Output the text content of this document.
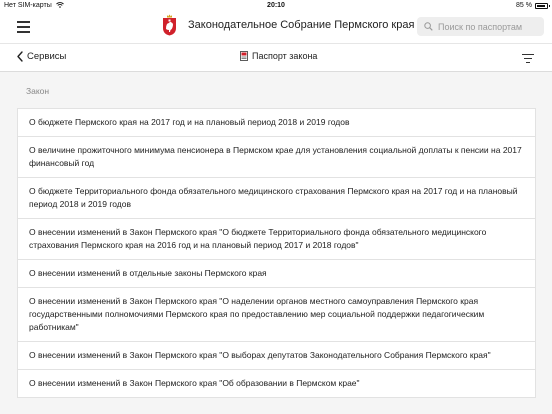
Нет SIM-карты	20:10	85 %
Законодательное Собрание Пермского края
Поиск по паспортам
Сервисы	Паспорт закона
Закон
О бюджете Пермского края на 2017 год и на плановый период 2018 и 2019 годов
О величине прожиточного минимума пенсионера в Пермском крае для установления социальной доплаты к пенсии на 2017 финансовый год
О бюджете Территориального фонда обязательного медицинского страхования Пермского края на 2017 год и на плановый период 2018 и 2019 годов
О внесении изменений в Закон Пермского края "О бюджете Территориального фонда обязательного медицинского страхования Пермского края на 2016 год и на плановый период 2017 и 2018 годов"
О внесении изменений в отдельные законы Пермского края
О внесении изменений в Закон Пермского края "О наделении органов местного самоуправления Пермского края государственными полномочиями Пермского края по предоставлению мер социальной поддержки педагогическим работникам"
О внесении изменений в Закон Пермского края "О выборах депутатов Законодательного Собрания Пермского края"
О внесении изменений в Закон Пермского края "Об образовании в Пермском крае"
